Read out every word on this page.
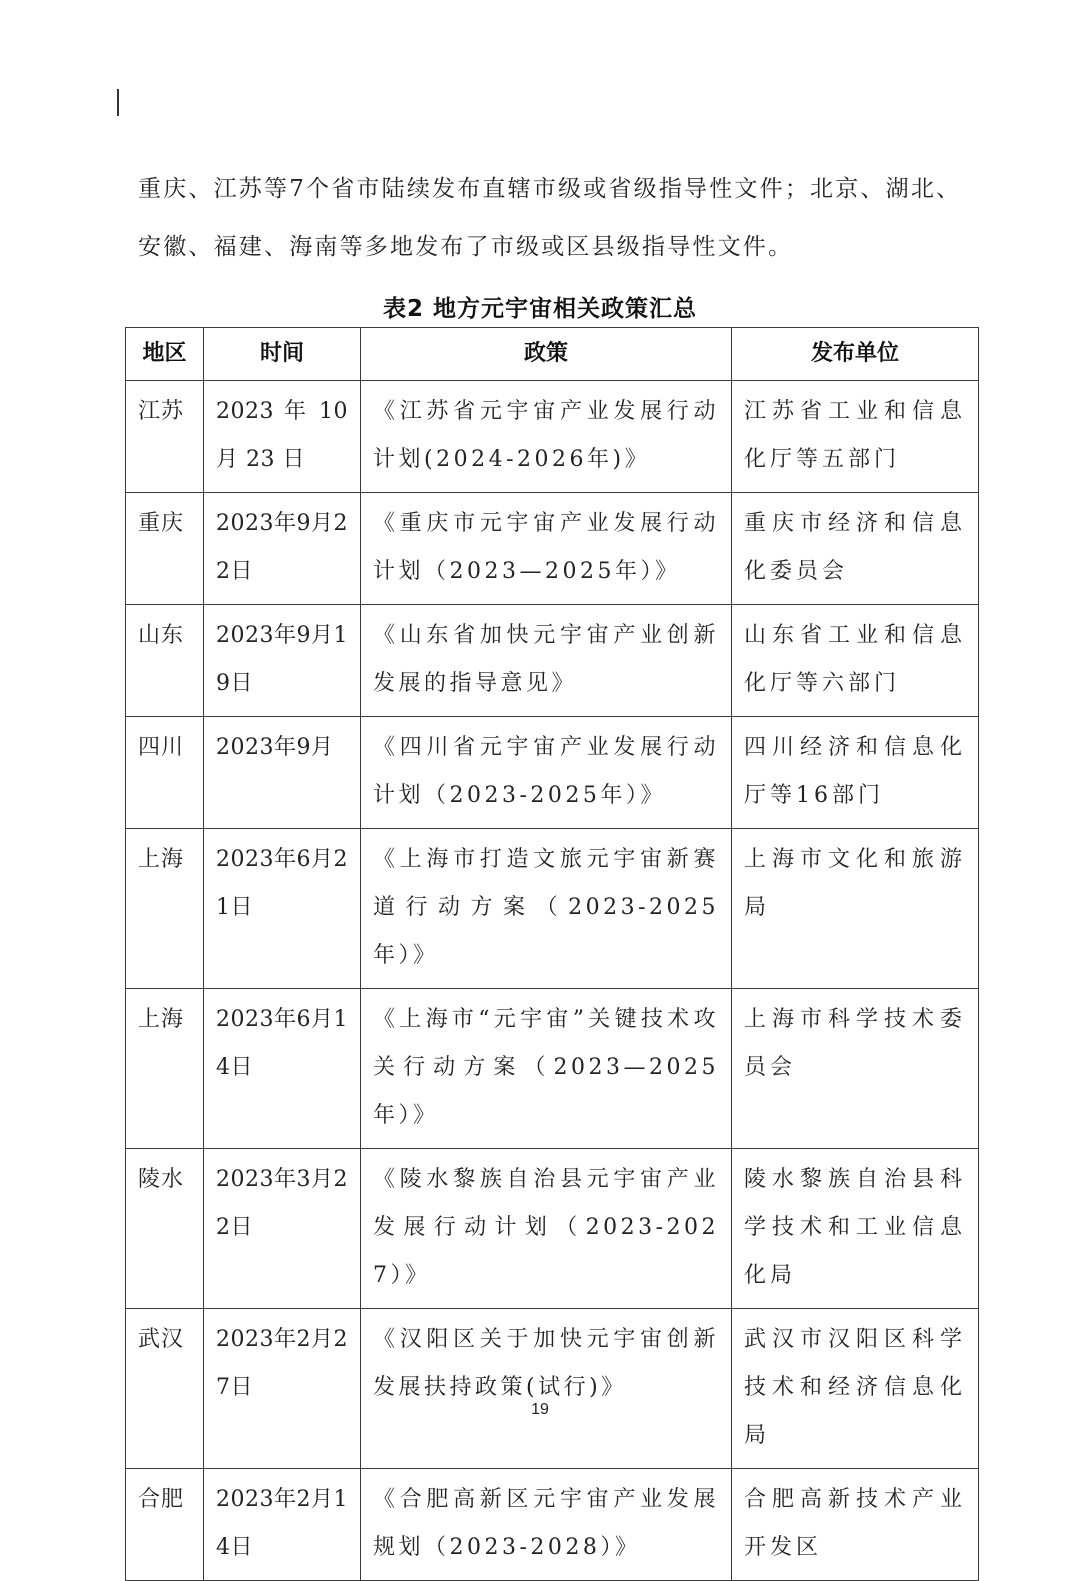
重庆、江苏等7个省市陆续发布直辖市级或省级指导性文件；北京、湖北、

安徽、福建、海南等多地发布了市级或区县级指导性文件。

表2 地方元宇宙相关政策汇总
地区	时间	政策	发布单位
江苏	2023 年 10 月 23 日	《江苏省元宇宙产业发展行动计划(2024-2026年)》	江苏省工业和信息化厅等五部门
重庆	2023年9月22日	《重庆市元宇宙产业发展行动计划（2023—2025年）》	重庆市经济和信息化委员会
山东	2023年9月19日	《山东省加快元宇宙产业创新发展的指导意见》	山东省工业和信息化厅等六部门
四川	2023年9月	《四川省元宇宙产业发展行动计划（2023-2025年）》	四川经济和信息化厅等16部门
上海	2023年6月21日	《上海市打造文旅元宇宙新赛道行动方案（2023-2025年）》	上海市文化和旅游局
上海	2023年6月14日	《上海市“元宇宙”关键技术攻关行动方案（2023—2025年）》	上海市科学技术委员会
陵水	2023年3月22日	《陵水黎族自治县元宇宙产业发展行动计划（2023-2027）》	陵水黎族自治县科学技术和工业信息化局
武汉	2023年2月27日	《汉阳区关于加快元宇宙创新发展扶持政策(试行)》	武汉市汉阳区科学技术和经济信息化局
合肥	2023年2月14日	《合肥高新区元宇宙产业发展规划（2023-2028）》	合肥高新技术产业开发区
19
